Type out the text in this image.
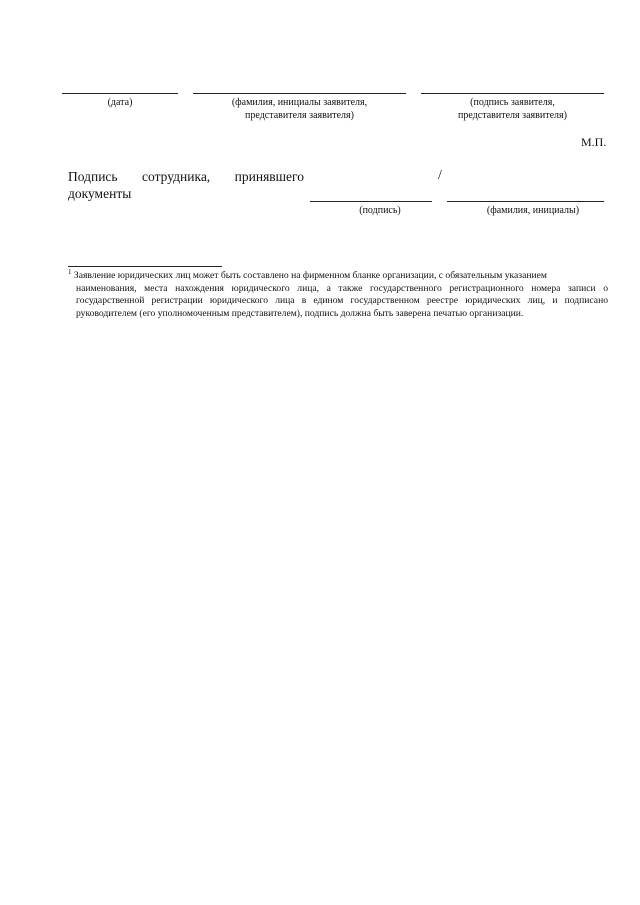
(дата)	(фамилия, инициалы заявителя,
представителя заявителя)
(подпись заявителя,
представителя заявителя)
М.П.
Подпись сотрудника, принявшего документы
/
(подпись)	(фамилия, инициалы)
$^1$ Заявление юридических лиц может быть составлено на фирменном бланке организации, с обязательным указанием
наименования, места нахождения юридического лица, а также государственного регистрационного номера записи о государственной регистрации юридического лица в едином государственном реестре юридических лиц, и подписано руководителем (его уполномоченным представителем), подпись должна быть заверена печатью организации.
